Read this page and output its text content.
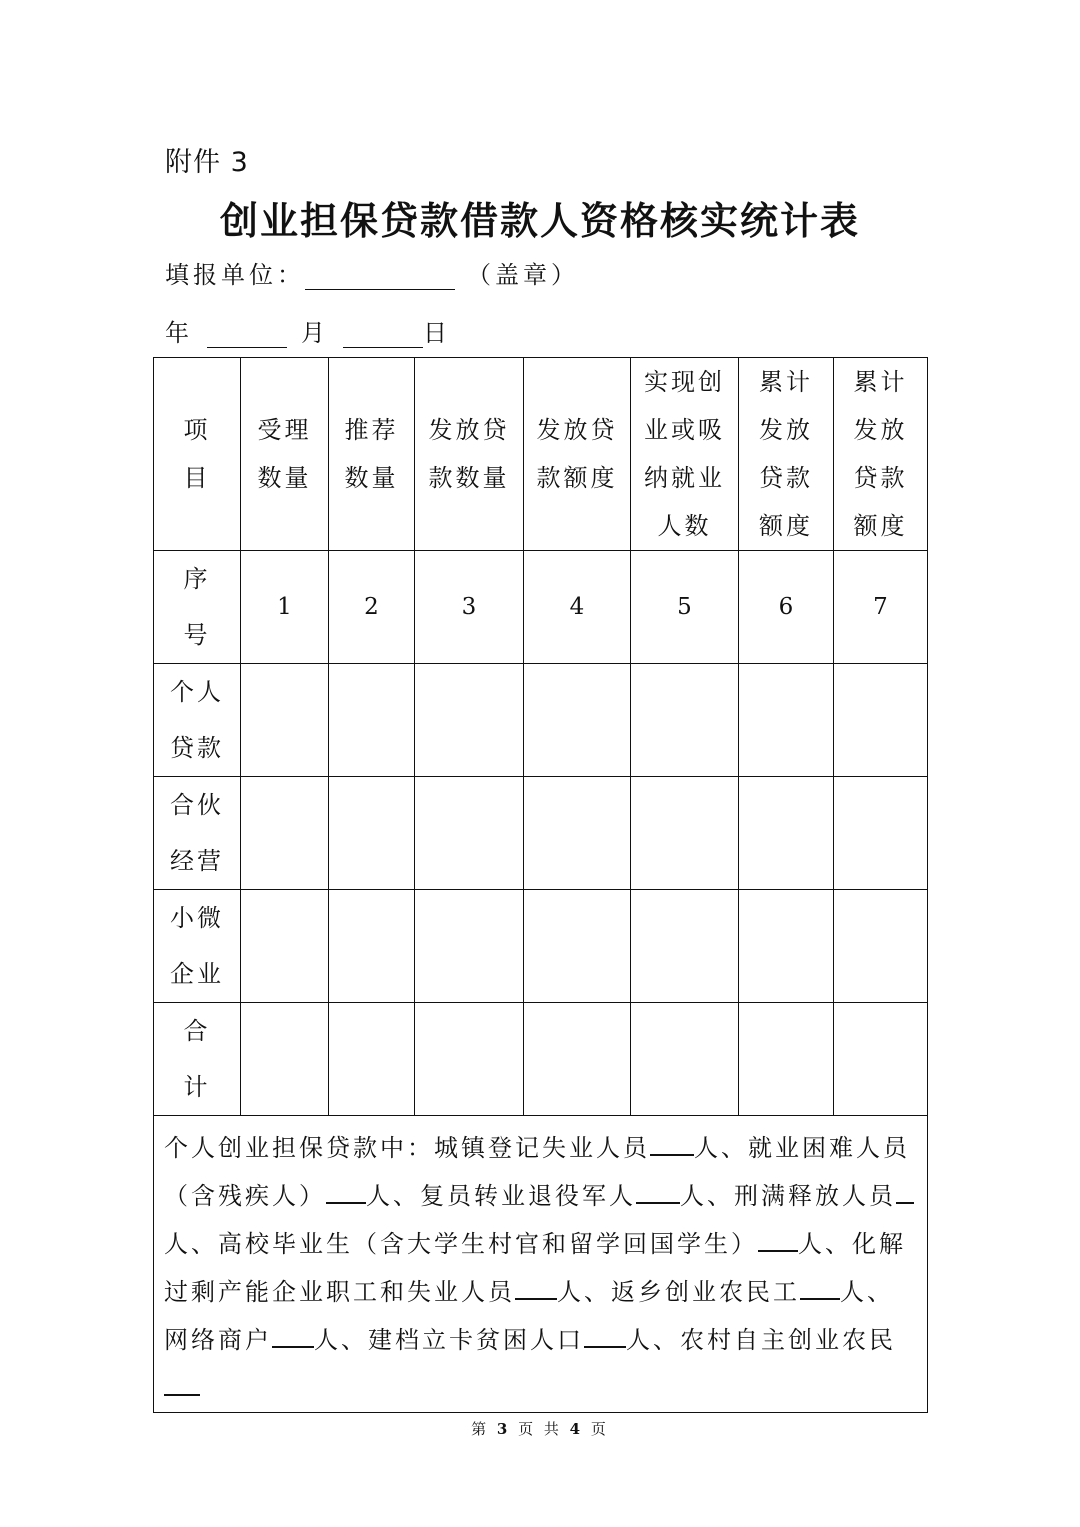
附件 3
创业担保贷款借款人资格核实统计表
填报单位：	（盖章）
年	月	日
项　目	受理数量	推荐数量	发放贷款数量	发放贷款额度	实现创业或吸纳就业人数	累计发放贷款额度	累计发放贷款额度
序　号	1	2	3	4	5	6	7
个人贷款							
合伙经营							
小微企业							
合　计							
个人创业担保贷款中：城镇登记失业人员 人、就业困难人员（含残疾人） 人、复员转业退役军人 人、刑满释放人员人、高校毕业生（含大学生村官和留学回国学生） 人、化解过剩产能企业职工和失业人员 人、返乡创业农民工 人、网络商户 人、建档立卡贫困人口 人、农村自主创业农民							
第 3 页 共 4 页
